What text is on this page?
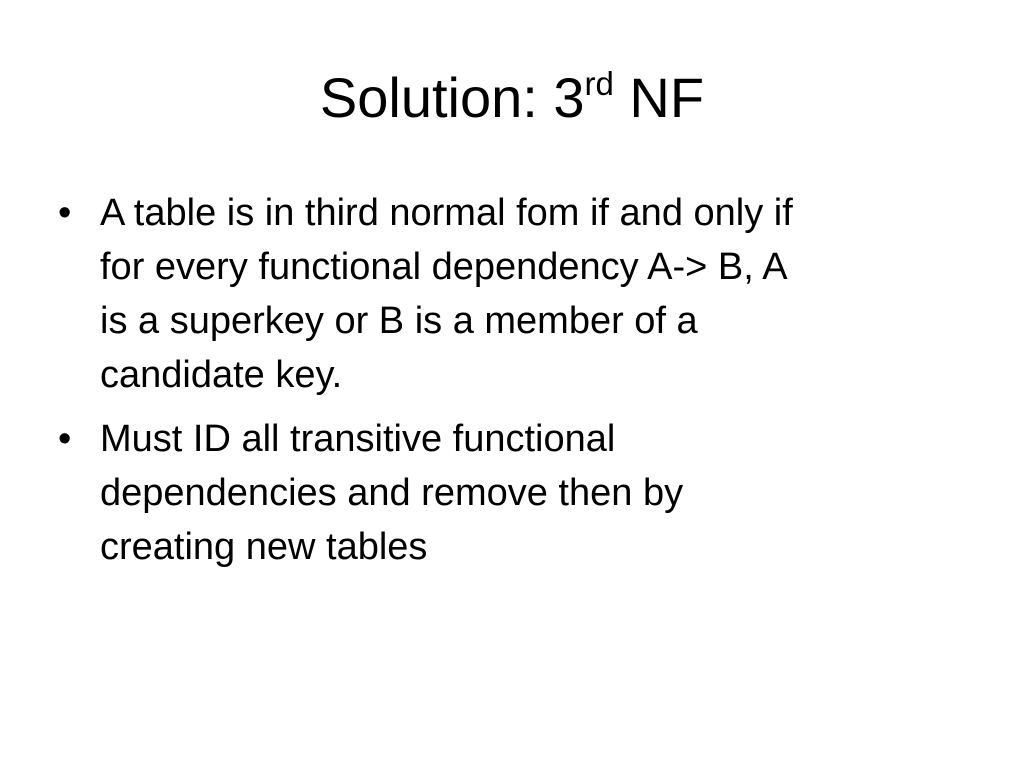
Solution: 3rd NF
• A table is in third normal fom if and only if
for every functional dependency A-> B, A
is a superkey or B is a member of a
candidate key.
• Must ID all transitive functional
dependencies and remove then by
creating new tables
